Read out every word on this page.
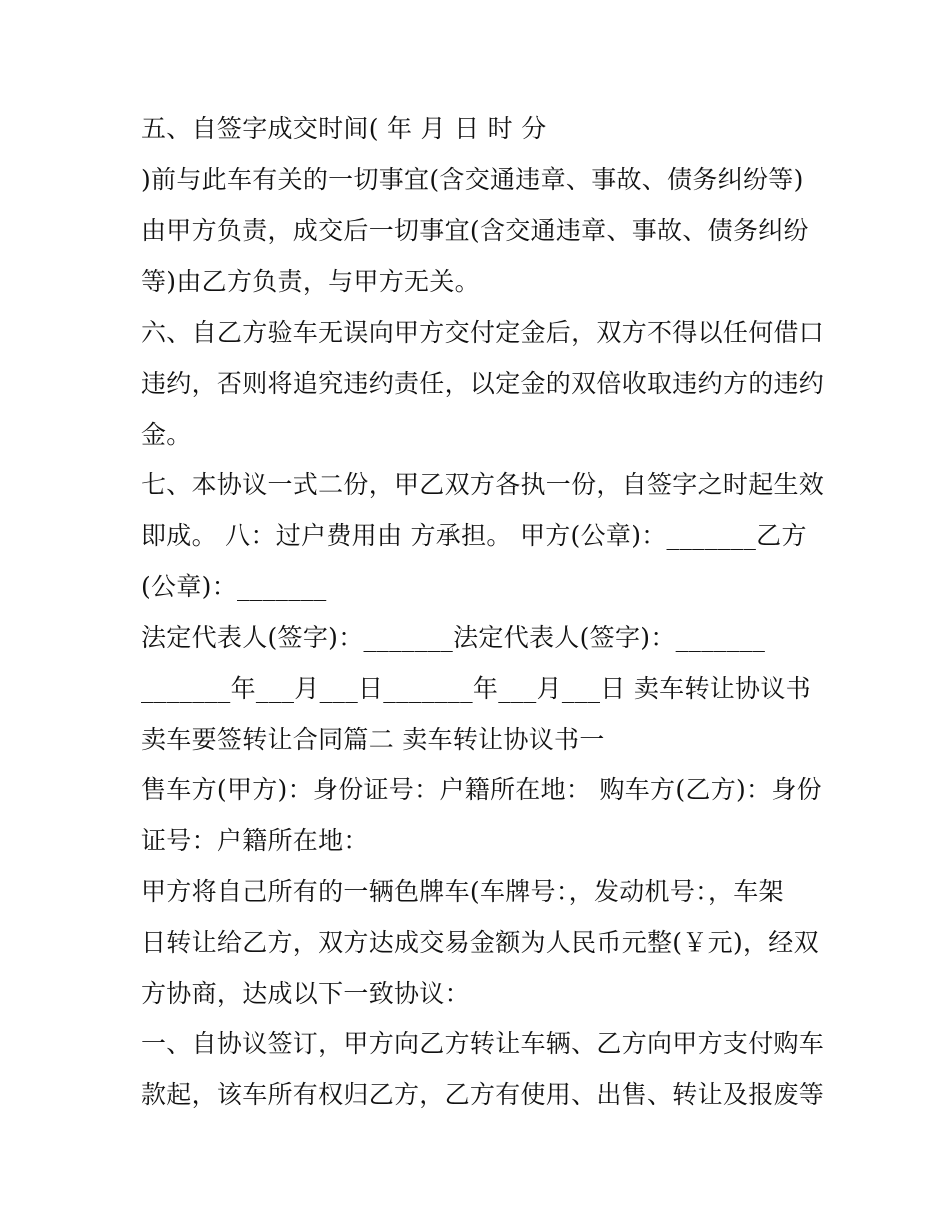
五、自签字成交时间( 年 月 日 时 分
)前与此车有关的一切事宜(含交通违章、事故、债务纠纷等)
由甲方负责，成交后一切事宜(含交通违章、事故、债务纠纷
等)由乙方负责，与甲方无关。
六、自乙方验车无误向甲方交付定金后，双方不得以任何借口
违约，否则将追究违约责任，以定金的双倍收取违约方的违约
金。
七、本协议一式二份，甲乙双方各执一份，自签字之时起生效
即成。 八：过户费用由 方承担。 甲方(公章)：_______乙方
(公章)：_______
法定代表人(签字)：_______法定代表人(签字)：_______
_______年___月___日_______年___月___日 卖车转让协议书
卖车要签转让合同篇二 卖车转让协议书一
售车方(甲方)：身份证号：户籍所在地： 购车方(乙方)：身份
证号：户籍所在地：
甲方将自己所有的一辆色牌车(车牌号：，发动机号：，车架
日转让给乙方，双方达成交易金额为人民币元整(￥元)，经双
方协商，达成以下一致协议：
一、自协议签订，甲方向乙方转让车辆、乙方向甲方支付购车
款起，该车所有权归乙方，乙方有使用、出售、转让及报废等
